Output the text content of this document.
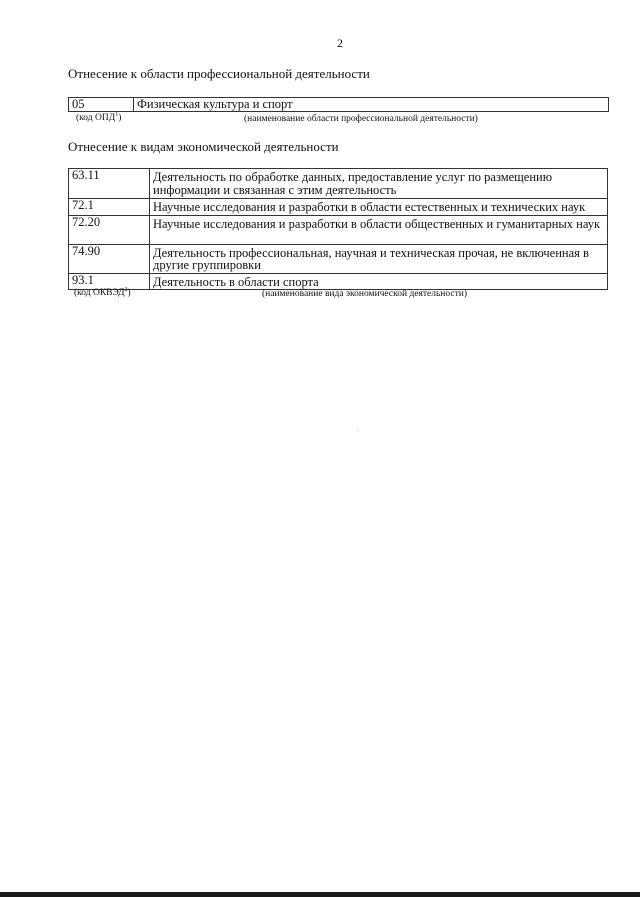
2
Отнесение к области профессиональной деятельности
05	Физическая культура и спорт
(код ОПД$^1$)	(наименование области профессиональной деятельности)
Отнесение к видам экономической деятельности
63.11	Деятельность по обработке данных, предоставление услуг по размещению информации и связанная с этим деятельность
72.1	Научные исследования и разработки в области естественных и технических наук
72.20	Научные исследования и разработки в области общественных и гуманитарных наук
74.90	Деятельность профессиональная, научная и техническая прочая, не включенная в другие группировки
93.1	Деятельность в области спорта
(код ОКВЭД$^2$)	(наименование вида экономической деятельности)
